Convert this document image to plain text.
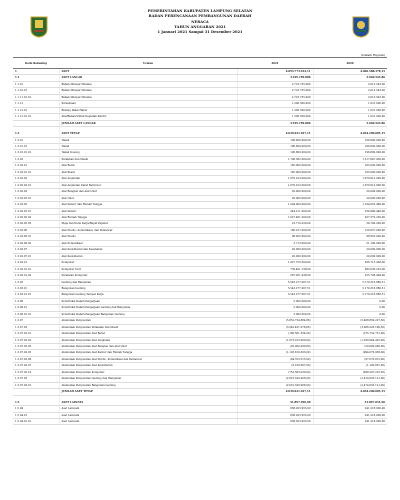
PEMERINTAHAN KABUPATEN LAMPUNG SELATAN
BADAN PERENCANAAN PEMBANGUNAN DAERAH
NERACA
TAHUN ANGGARAN 2021
1 Januari 2021 Sampai 31 Desember 2021
(Dalam Rupiah)
Kode Rekening	Uraian	2021	2020
1	ASET	4.093.773.914,11	4.066.588.378,15
1.1	ASET LANCAR	3.919.199.886	3.040.543.86
1.1.01	Bahan Dibayar Dimuka	2.718.735.000	2.013.543.00
1.1.01.01	Bahan Dibayar Dimuka	2.718.735.000	2.013.543.00
1.1.11.01.01	Bahan Dibayar Dimuka	2.718.735.000	2.013.543.00
1.1.12	Persediaan	1.200.500.000	1.031.000.00
1.1.12.01	Barang Pakai Habis	1.200.500.000	1.031.000.00
1.1.12.01.01	Alat/Bahan/Untuk Kegiatan Kantor	1.200.500.000	1.031.000.00
	JUMLAH ASET LANCAR	3.919.199.886	3.040.543.86

1.3	ASET TETAP	4.039.621.927,11	4.034.200.085,15
1.3.01	Tanah	196.800.000,00	196.800.000,00
1.3.01.01	Tanah	196.800.000,00	196.800.000,00
1.3.01.01.01	Tanah Kosong	196.800.000,00	196.800.000,00
1.3.02	Peralatan dan Mesin	1.796.382.000,00	1.517.847.436,00
1.3.02.01	Alat Berat	185.000.000,00	185.000.000,00
1.3.02.01.01	Alat Besar	185.000.000,00	185.000.000,00
1.3.02.02	Alat Angkutan	1.070.913.000,00	1.070.913.000,00
1.3.02.02.01	Alat Angkutan Darat Bermotor	1.070.913.000,00	1.070.913.000,00
1.3.02.03	Alat Bengkel dan Alat Ukur	20.000.000,00	20.000.000,00
1.3.02.03.01	Alat Ukur	20.000.000,00	20.000.000,00
1.3.02.05	Alat Kantor dan Rumah Tangga	1.294.000.000,00	1.194.653.480,00
1.3.02.05.01	Alat Kantor	244.211.000,00	234.980.440,00
1.3.02.05.02	Alat Rumah Tangga	1.027.461.200,00	927.372.230,00
1.3.02.05.03	Meja dan Kursi Kerja/Rapat Pejabat	22.719.220,00	34.700.200,00
1.3.02.06	Alat Studio, Komunikasi, dan Pemancar	160.017.000,00	150.057.000,00
1.3.02.06.01	Alat Studio	98.952.000,00	98.952.000,00
1.3.02.06.02	Alat Komunikasi	3.713.000,00	51.190.000,00
1.3.02.07	Alat Kedokteran dan Kesehatan	20.000.000,00	20.000.000,00
1.3.02.07.01	Alat Kedokteran	20.000.000,00	20.000.000,00
1.3.02.10	Komputer	1.027.370.300,00	936.713.458,00
1.3.02.10.01	Komputer Unit	739.401.138,00	683.036.233,00
1.3.02.10.02	Peralatan Komputer	287.951.938,00	255.706.494,00
1.3.03	Gedung dan Bangunan	5.543.277.007,51	5.170.316.880,51
1.3.03.01	Bangunan Gedung	5.543.277.007,51	5.170.316.880,51
1.3.03.01.01	Bangunan Gedung Tempat Kerja	5.543.277.007,51	5.170.316.880,51
1.3.06	Konstruksi Dalam Pengerjaan	5.000.000,00	0,00
1.3.06.01	Konstruksi Dalam Pengerjaan Gedung dan Bangunan	5.000.000,00	0,00
1.3.06.01.01	Konstruksi Dalam Pengerjaan Bangunan Gedung	5.000.000,00	0,00
1.3.07	Akumulasi Penyusutan	(5.852.734.884,86)	(5.468.859.227,30)
1.3.07.02	Akumulasi Penyusutan Peralatan dan Mesin	(3.542.431.078,86)	(3.086.226.190,30)
1.3.07.02.01	Akumulasi Penyusutan Alat Berat	(160.581.334,00)	(135.732.751,00)
1.3.07.02.02	Akumulasi Penyusutan Alat Angkutan	(1.073.163.000,00)	(1.030.964.425,00)
1.3.07.02.03	Akumulasi Penyusutan Alat Bengkel dan Alat Ukur	(20.000.000,00)	(20.000.000,00)
1.3.07.02.05	Akumulasi Penyusutan Alat Kantor dan Rumah Tangga	(1.103.810.303,00)	(994.070.938,00)
1.3.07.02.06	Akumulasi Penyusutan Alat Studio, Komunikasi dan Pemancar	(94.703.315,00)	(87.070.815,00)
1.3.07.02.07	Akumulasi Penyusutan Alat Kedokteran	(6.100.667,00)	(1.100.667,00)
1.3.07.02.10	Akumulasi Penyusutan Komputer	(753.583.030,00)	(698.297.216,50)
1.3.07.03	Akumulasi Penyusutan Gedung dan Bangunan	(2.610.330.906,00)	(2.474.633.121,00)
1.3.07.03.01	Akumulasi Penyusutan Bangunan Gedung	(2.610.330.906,00)	(2.474.633.121,00)
	JUMLAH ASET TETAP	4.039.621.927,11	4.034.200.085,15

1.5	ASET LAINNYA	51.897.950,00	51.897.051,00
1.5.04	Aset Lain-lain	838.203.955,00	241.218.000,00
1.5.04.01	Aset Lain-lain	838.203.955,00	241.218.000,00
1.5.04.01.01	Aset Lain-lain	838.203.955,00	241.218.000,00
